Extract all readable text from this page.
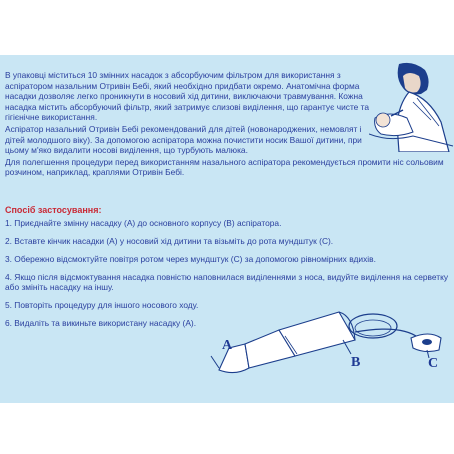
В упаковці міститься 10 змінних насадок з абсорбуючим фільтром для використання з аспіратором назальним Отривін Бебі, який необхідно придбати окремо. Анатомічна форма насадки дозволяє легко проникнути в носовий хід дитини, виключаючи травмування. Кожна насадка містить абсорбуючий фільтр, який затримує слизові виділення, що гарантує чисте та гігієнічне використання.

Аспіратор назальний Отривін Бебі рекомендований для дітей (новонароджених, немовлят і дітей молодшого віку). За допомогою аспіратора можна почистити носик Вашої дитини, при цьому м'яко видалити носові виділення, що турбують малюка.

Для полегшення процедури перед використанням назального аспіратора рекомендується промити ніс сольовим розчином, наприклад, краплями Отривін Бебі.

Спосіб застосування:

1. Приєднайте змінну насадку (А) до основного корпусу (В) аспіратора.

2. Вставте кінчик насадки (А) у носовий хід дитини та візьміть до рота мундштук (С).

3. Обережно відсмоктуйте повітря ротом через мундштук (С) за допомогою рівномірних вдихів.

4. Якщо після відсмоктування насадка повністю наповнилася виділеннями з носа, видуйте виділення на серветку або змініть насадку на іншу.

5. Повторіть процедуру для іншого носового ходу.

6. Видаліть та викиньте використану насадку (А).

A
B	C
